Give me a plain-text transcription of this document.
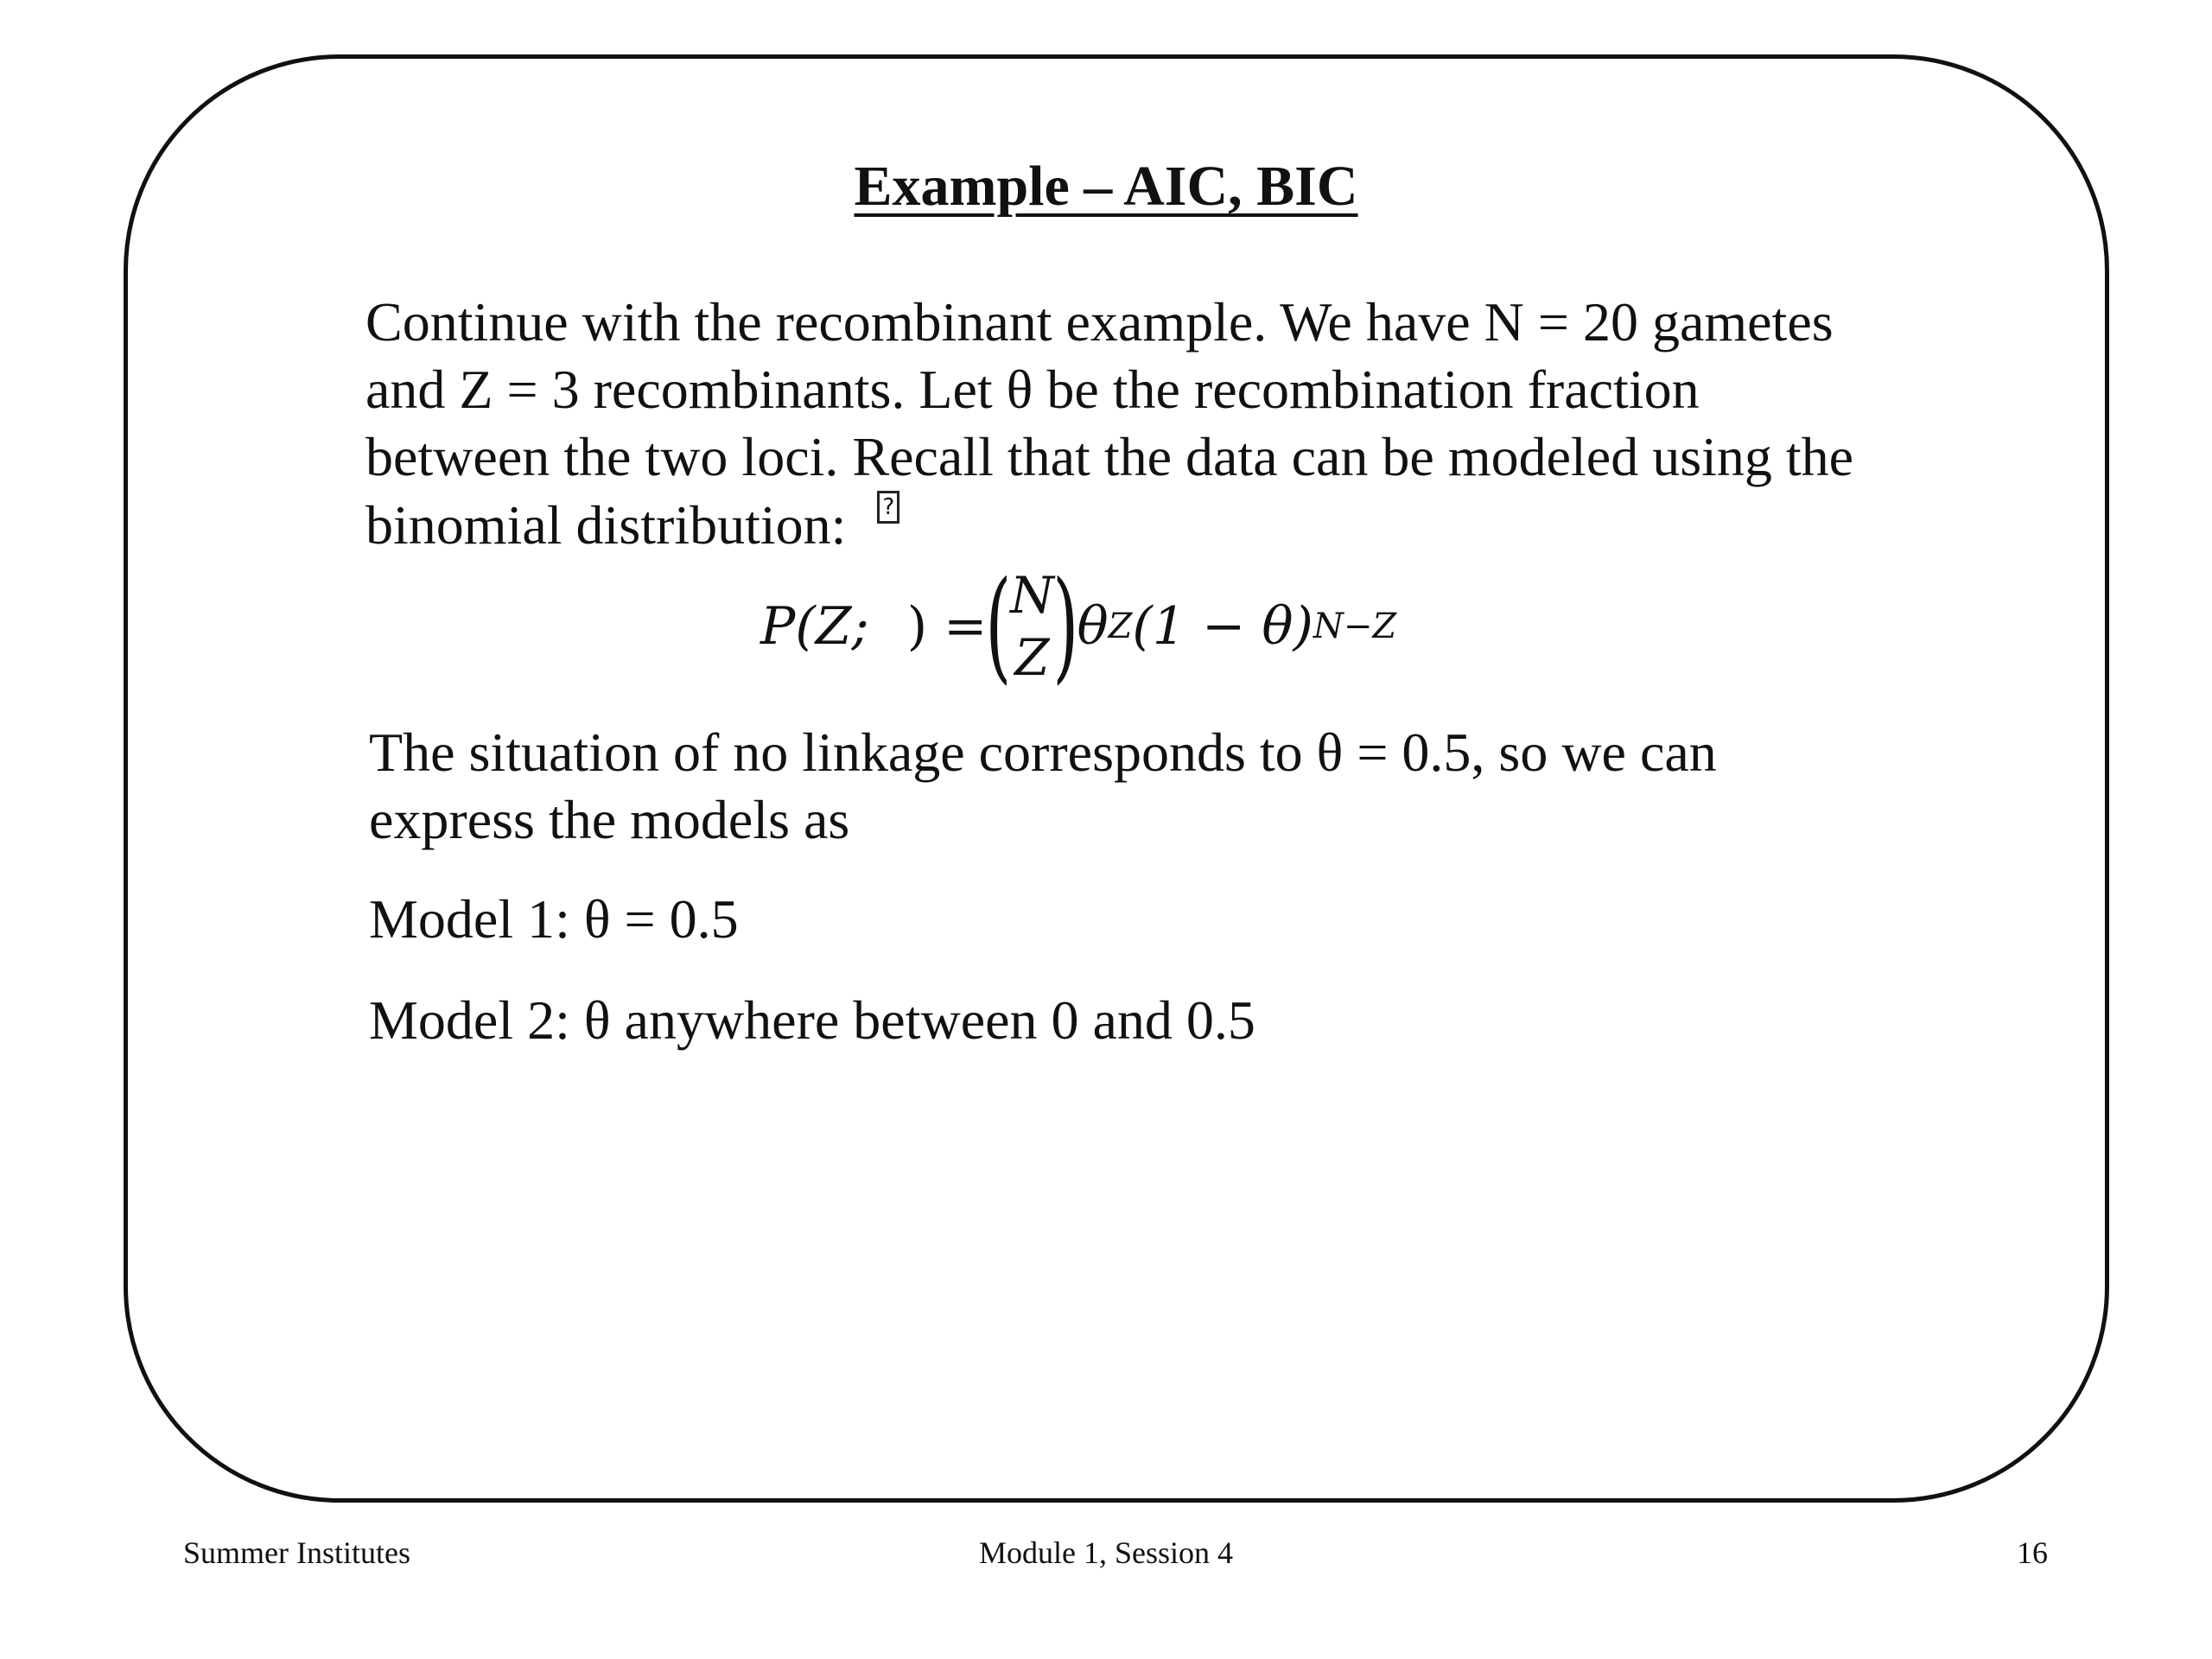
Example – AIC, BIC
Continue with the recombinant example. We have N = 20 gametes
and Z = 3 recombinants. Let θ be the recombination fraction
between the two loci. Recall that the data can be modeled using the
binomial distribution: ?
P(Z; ) =
(
N
Z )
θ Z (1 − θ) N−Z
The situation of no linkage corresponds to θ = 0.5, so we can
express the models as
Model 1: θ = 0.5
Model 2: θ anywhere between 0 and 0.5
Summer Institutes	Module 1, Session 4	16
